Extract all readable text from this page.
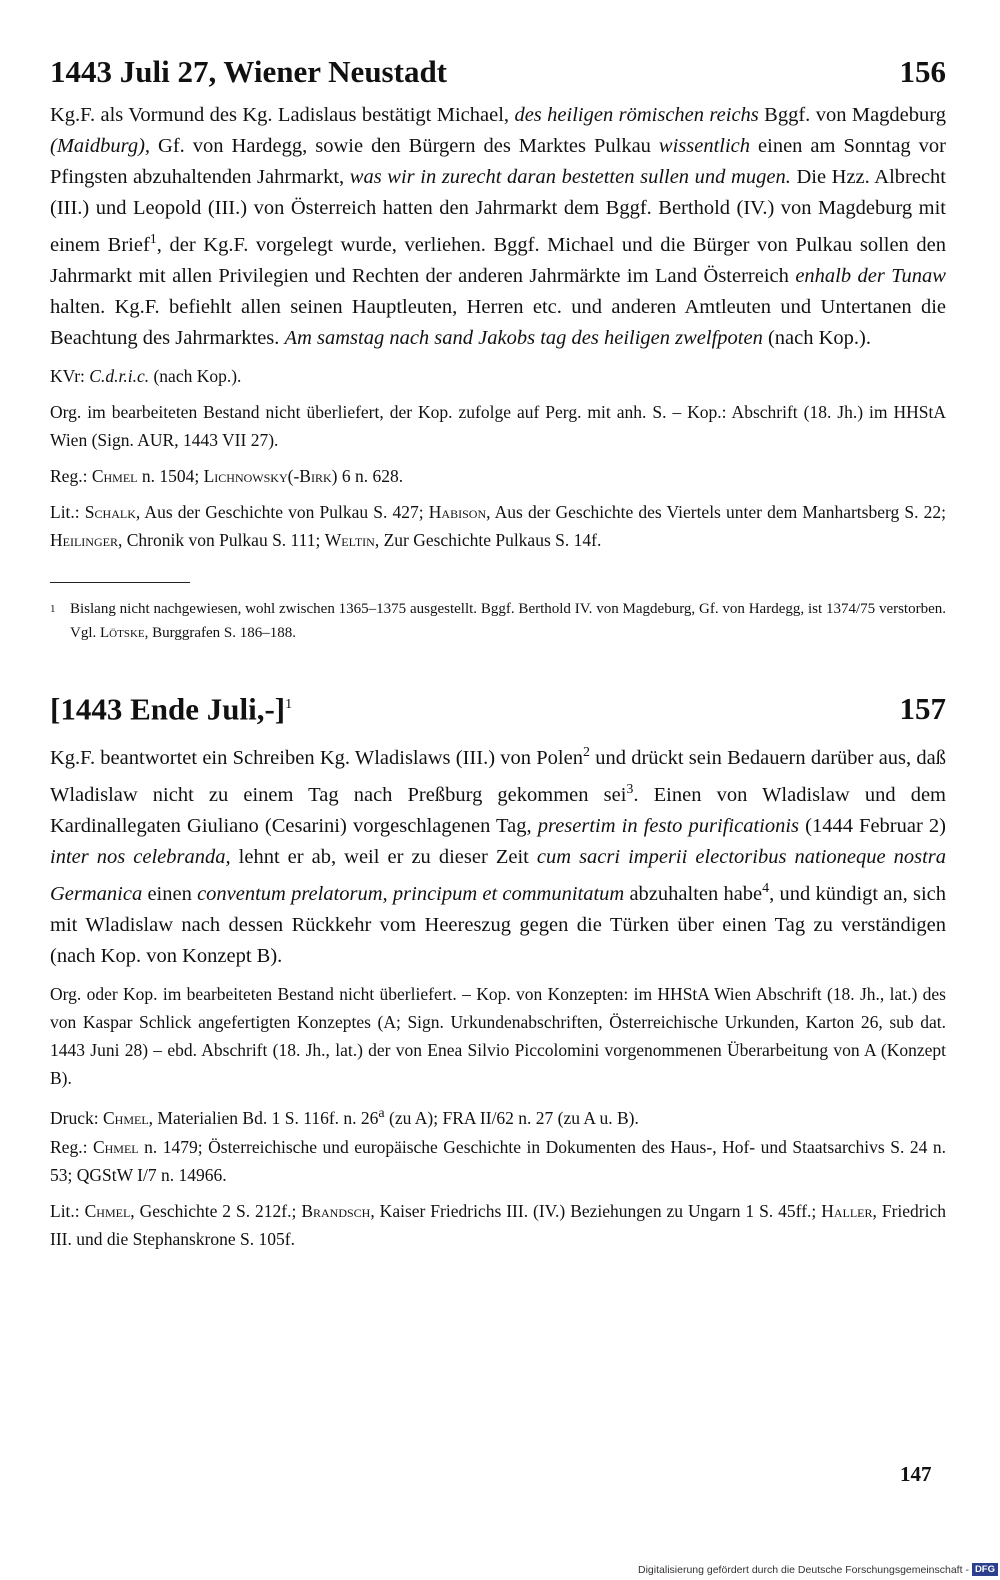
1443 Juli 27, Wiener Neustadt	156

Kg.F. als Vormund des Kg. Ladislaus bestätigt Michael, des heiligen römischen reichs Bggf. von Magdeburg (Maidburg), Gf. von Hardegg, sowie den Bürgern des Marktes Pulkau wissentlich einen am Sonntag vor Pfingsten abzuhaltenden Jahrmarkt, was wir in zurecht daran bestetten sullen und mugen. Die Hzz. Albrecht (III.) und Leopold (III.) von Österreich hatten den Jahrmarkt dem Bggf. Berthold (IV.) von Magdeburg mit einem Brief$^1$, der Kg.F. vorgelegt wurde, verliehen. Bggf. Michael und die Bürger von Pulkau sollen den Jahrmarkt mit allen Privilegien und Rechten der anderen Jahrmärkte im Land Österreich enhalb der Tunaw halten. Kg.F. befiehlt allen seinen Hauptleuten, Herren etc. und anderen Amtleuten und Untertanen die Beachtung des Jahrmarktes. Am samstag nach sand Jakobs tag des heiligen zwelfpoten (nach Kop.).

KVr: C.d.r.i.c. (nach Kop.).

Org. im bearbeiteten Bestand nicht überliefert, der Kop. zufolge auf Perg. mit anh. S. – Kop.: Abschrift (18. Jh.) im HHStA Wien (Sign. AUR, 1443 VII 27).

Reg.: Chmel n. 1504; Lichnowsky(-Birk) 6 n. 628.

Lit.: Schalk, Aus der Geschichte von Pulkau S. 427; Habison, Aus der Geschichte des Viertels unter dem Manhartsberg S. 22; Heilinger, Chronik von Pulkau S. 111; Weltin, Zur Geschichte Pulkaus S. 14f.

1 Bislang nicht nachgewiesen, wohl zwischen 1365–1375 ausgestellt. Bggf. Berthold IV. von Magdeburg, Gf. von Hardegg, ist 1374/75 verstorben. Vgl. Lötske, Burggrafen S. 186–188.
[1443 Ende Juli,-]$^1$	157

Kg.F. beantwortet ein Schreiben Kg. Wladislaws (III.) von Polen$^2$ und drückt sein Bedauern darüber aus, daß Wladislaw nicht zu einem Tag nach Preßburg gekommen sei$^3$. Einen von Wladislaw und dem Kardinallegaten Giuliano (Cesarini) vorgeschlagenen Tag, presertim in festo purificationis (1444 Februar 2) inter nos celebranda, lehnt er ab, weil er zu dieser Zeit cum sacri imperii electoribus nationeque nostra Germanica einen conventum prelatorum, principum et communitatum abzuhalten habe$^4$, und kündigt an, sich mit Wladislaw nach dessen Rückkehr vom Heereszug gegen die Türken über einen Tag zu verständigen (nach Kop. von Konzept B).

Org. oder Kop. im bearbeiteten Bestand nicht überliefert. – Kop. von Konzepten: im HHStA Wien Abschrift (18. Jh., lat.) des von Kaspar Schlick angefertigten Konzeptes (A; Sign. Urkundenabschriften, Österreichische Urkunden, Karton 26, sub dat. 1443 Juni 28) – ebd. Abschrift (18. Jh., lat.) der von Enea Silvio Piccolomini vorgenommenen Überarbeitung von A (Konzept B).

Druck: Chmel, Materialien Bd. 1 S. 116f. n. 26$^a$ (zu A); FRA II/62 n. 27 (zu A u. B).

Reg.: Chmel n. 1479; Österreichische und europäische Geschichte in Dokumenten des Haus-, Hof- und Staatsarchivs S. 24 n. 53; QGStW I/7 n. 14966.

Lit.: Chmel, Geschichte 2 S. 212f.; Brandsch, Kaiser Friedrichs III. (IV.) Beziehungen zu Ungarn 1 S. 45ff.; Haller, Friedrich III. und die Stephanskrone S. 105f.

147
Digitalisierung gefördert durch die Deutsche Forschungsgemeinschaft - DFG
